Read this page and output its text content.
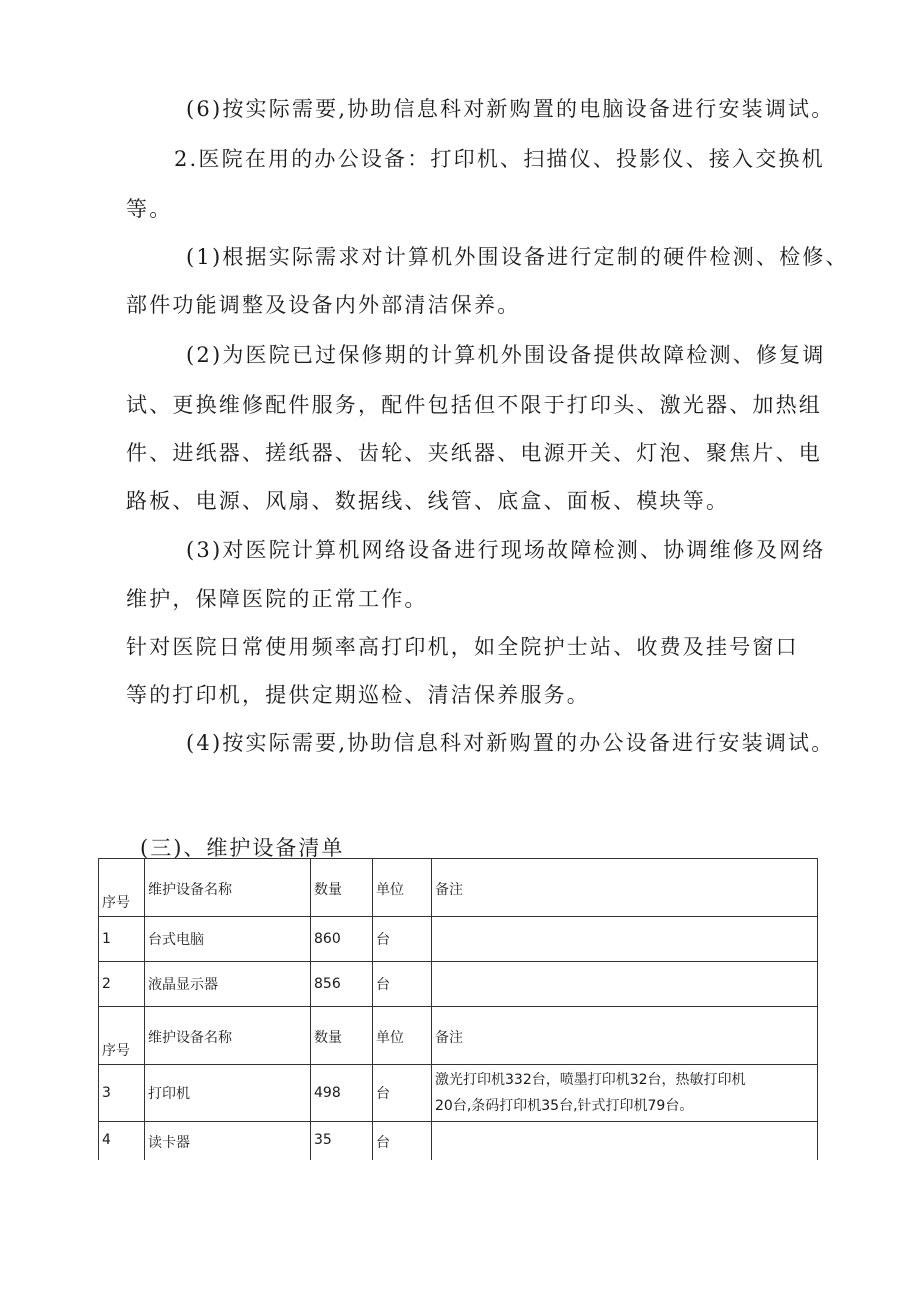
(6)按实际需要,协助信息科对新购置的电脑设备进行安装调试。
2.医院在用的办公设备：打印机、扫描仪、投影仪、接入交换机
等。
(1)根据实际需求对计算机外围设备进行定制的硬件检测、检修、
部件功能调整及设备内外部清洁保养。
(2)为医院已过保修期的计算机外围设备提供故障检测、修复调
试、更换维修配件服务，配件包括但不限于打印头、激光器、加热组
件、进纸器、搓纸器、齿轮、夹纸器、电源开关、灯泡、聚焦片、电
路板、电源、风扇、数据线、线管、底盒、面板、模块等。
(3)对医院计算机网络设备进行现场故障检测、协调维修及网络
维护，保障医院的正常工作。
针对医院日常使用频率高打印机，如全院护士站、收费及挂号窗口
等的打印机，提供定期巡检、清洁保养服务。
(4)按实际需要,协助信息科对新购置的办公设备进行安装调试。
(三)、维护设备清单
序号	维护设备名称	数量	单位	备注
1	台式电脑	860	台	
2	液晶显示器	856	台	
序号	维护设备名称	数量	单位	备注
3	打印机	498	台	激光打印机332台，喷墨打印机32台，热敏打印机
20台,条码打印机35台,针式打印机79台。

4	读卡器	35	台	
